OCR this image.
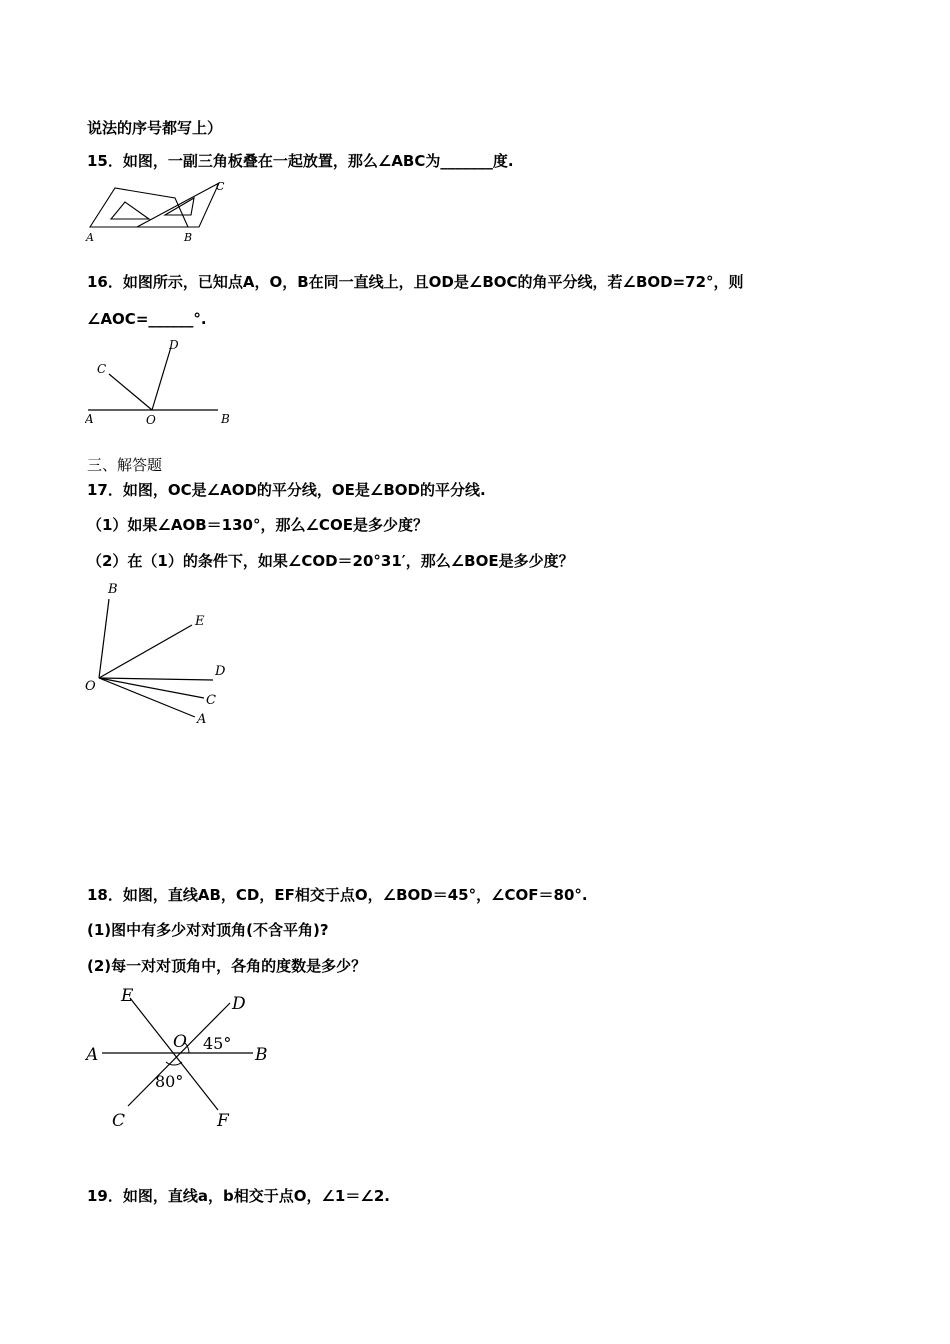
说法的序号都写上）
15．如图，一副三角板叠在一起放置，那么∠ABC为_______度.
A	B
C
16．如图所示，已知点A，O，B在同一直线上，且OD是∠BOC的角平分线，若∠BOD=72°，则
∠AOC=______°.
A	O	B
C
D
三、解答题
17．如图，OC是∠AOD的平分线，OE是∠BOD的平分线.
（1）如果∠AOB＝130°，那么∠COE是多少度？
（2）在（1）的条件下，如果∠COD＝20°31′，那么∠BOE是多少度？
B
E
D
O
C
A
18．如图，直线AB，CD，EF相交于点O，∠BOD＝45°，∠COF＝80°.
(1)图中有多少对对顶角(不含平角)?
(2)每一对对顶角中，各角的度数是多少？
E	D
O
A	B
C	F
45°
80°
19．如图，直线a，b相交于点O，∠1＝∠2.
